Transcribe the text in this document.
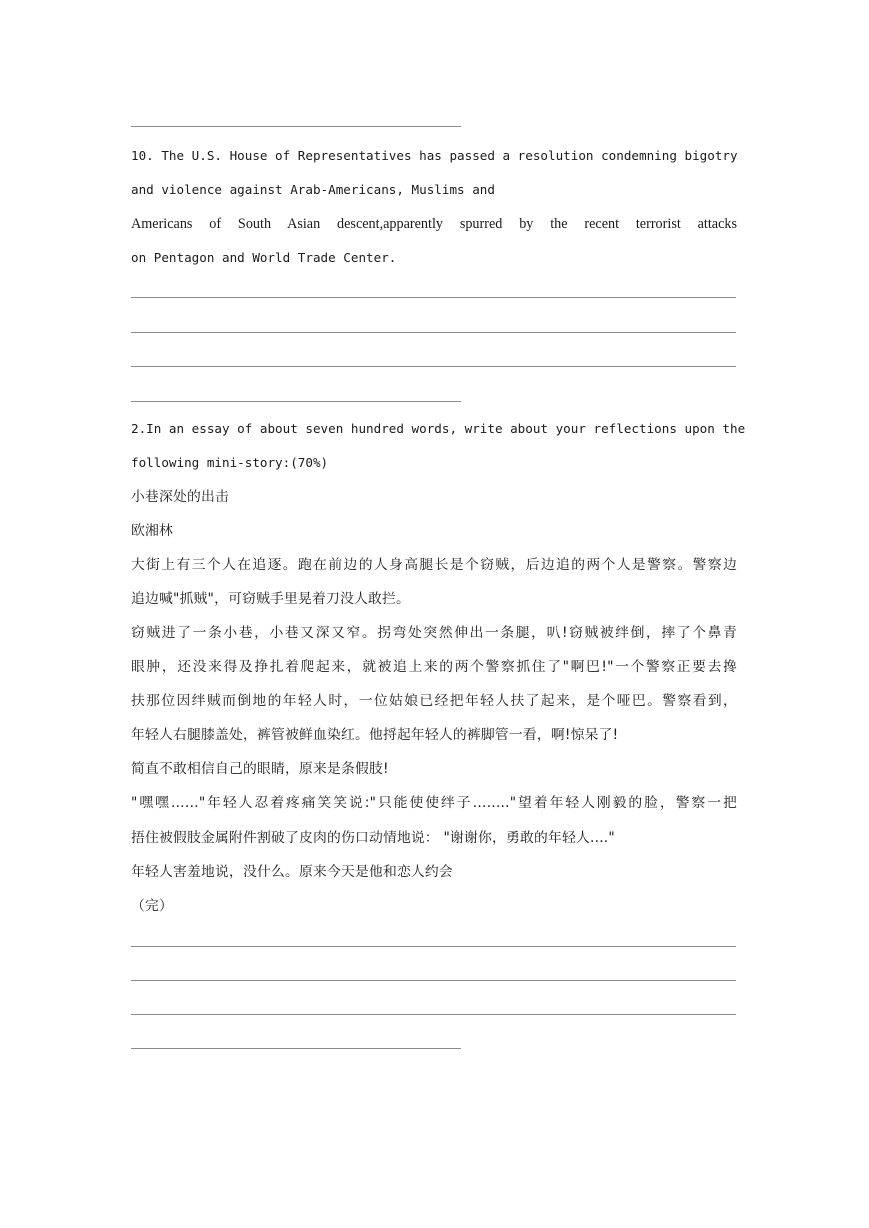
10. The U.S. House of Representatives has passed a resolution condemning bigotry
and violence against Arab-Americans, Muslims and
Americans of South Asian descent,apparently spurred by the recent terrorist attacks
on Pentagon and World Trade Center.
2.In an essay of about seven hundred words, write about your reflections upon the
following mini-story:(70%)
小巷深处的出击
欧湘林
大街上有三个人在追逐。跑在前边的人身高腿长是个窃贼，后边追的两个人是警察。警察边
追边喊"抓贼"，可窃贼手里晃着刀没人敢拦。
窃贼进了一条小巷，小巷又深又窄。拐弯处突然伸出一条腿，叭!窃贼被绊倒，摔了个鼻青
眼肿，还没来得及挣扎着爬起来，就被追上来的两个警察抓住了"啊巴!"一个警察正要去搀
扶那位因绊贼而倒地的年轻人时，一位姑娘已经把年轻人扶了起来，是个哑巴。警察看到，
年轻人右腿膝盖处，裤管被鲜血染红。他捋起年轻人的裤脚管一看，啊!惊呆了!
简直不敢相信自己的眼睛，原来是条假肢!
"嘿嘿……"年轻人忍着疼痛笑笑说:"只能使使绊子…….."望着年轻人刚毅的脸，警察一把
捂住被假肢金属附件割破了皮肉的伤口动情地说： "谢谢你，勇敢的年轻人...."
年轻人害羞地说，没什么。原来今天是他和恋人约会
（完）
